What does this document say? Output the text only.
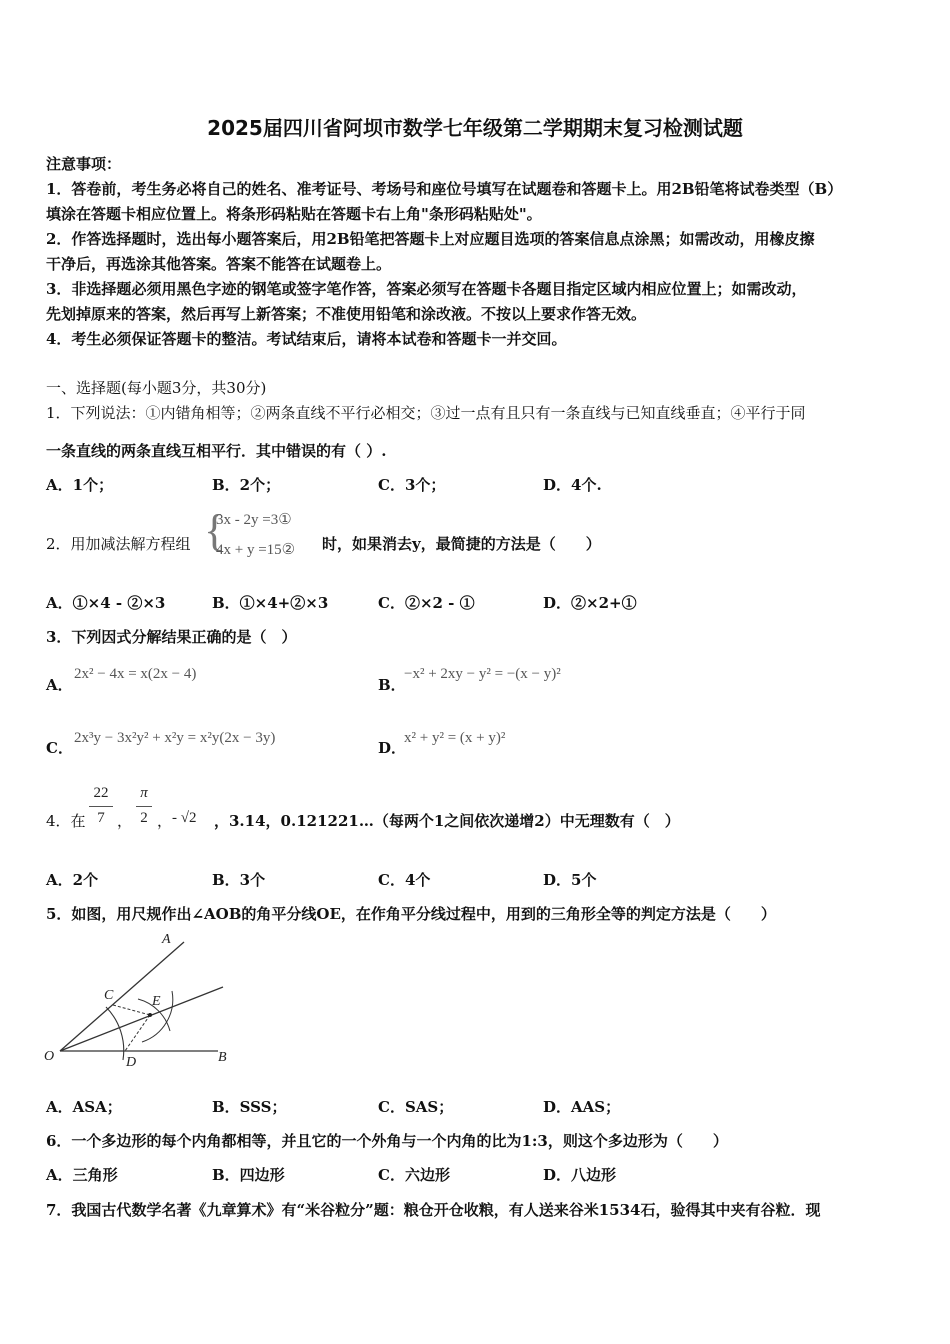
2025届四川省阿坝市数学七年级第二学期期末复习检测试题
注意事项：
1．答卷前，考生务必将自己的姓名、准考证号、考场号和座位号填写在试题卷和答题卡上。用2B铅笔将试卷类型（B）
填涂在答题卡相应位置上。将条形码粘贴在答题卡右上角"条形码粘贴处"。
2．作答选择题时，选出每小题答案后，用2B铅笔把答题卡上对应题目选项的答案信息点涂黑；如需改动，用橡皮擦
干净后，再选涂其他答案。答案不能答在试题卷上。
3．非选择题必须用黑色字迹的钢笔或签字笔作答，答案必须写在答题卡各题目指定区域内相应位置上；如需改动，
先划掉原来的答案，然后再写上新答案；不准使用铅笔和涂改液。不按以上要求作答无效。
4．考生必须保证答题卡的整洁。考试结束后，请将本试卷和答题卡一并交回。
一、选择题(每小题3分，共30分)
1．下列说法：①内错角相等；②两条直线不平行必相交；③过一点有且只有一条直线与已知直线垂直；④平行于同
一条直线的两条直线互相平行．其中错误的有（ ）.
A．1个；	B．2个；	C．3个；	D．4个.
2．用加减法解方程组 {
3x - 2y =3①
4x + y =15② 时，如果消去y，最简捷的方法是（　　）
A．①×4 - ②×3	B．①×4+②×3	C．②×2 - ①	D．②×2+①
3．下列因式分解结果正确的是（　）
A．
2x² − 4x = x(2x − 4)
B．
−x² + 2xy − y² = −(x − y)²
C．
2x³y − 3x²y² + x²y = x²y(2x − 3y)
D．
x² + y² = (x + y)²
4．在
22
7 ，
π
2 ， - √2 ，3.14，0.121221…（每两个1之间依次递增2）中无理数有（　）
A．2个	B．3个	C．4个	D．5个
5．如图，用尺规作出∠AOB的角平分线OE，在作角平分线过程中，用到的三角形全等的判定方法是（　　）
A
C	E
O	D	B
A．ASA；	B．SSS；	C．SAS；	D．AAS；
6．一个多边形的每个内角都相等，并且它的一个外角与一个内角的比为1:3，则这个多边形为（　　）
A．三角形	B．四边形	C．六边形	D．八边形
7．我国古代数学名著《九章算术》有“米谷粒分”题：粮仓开仓收粮，有人送来谷米1534石，验得其中夹有谷粒．现
